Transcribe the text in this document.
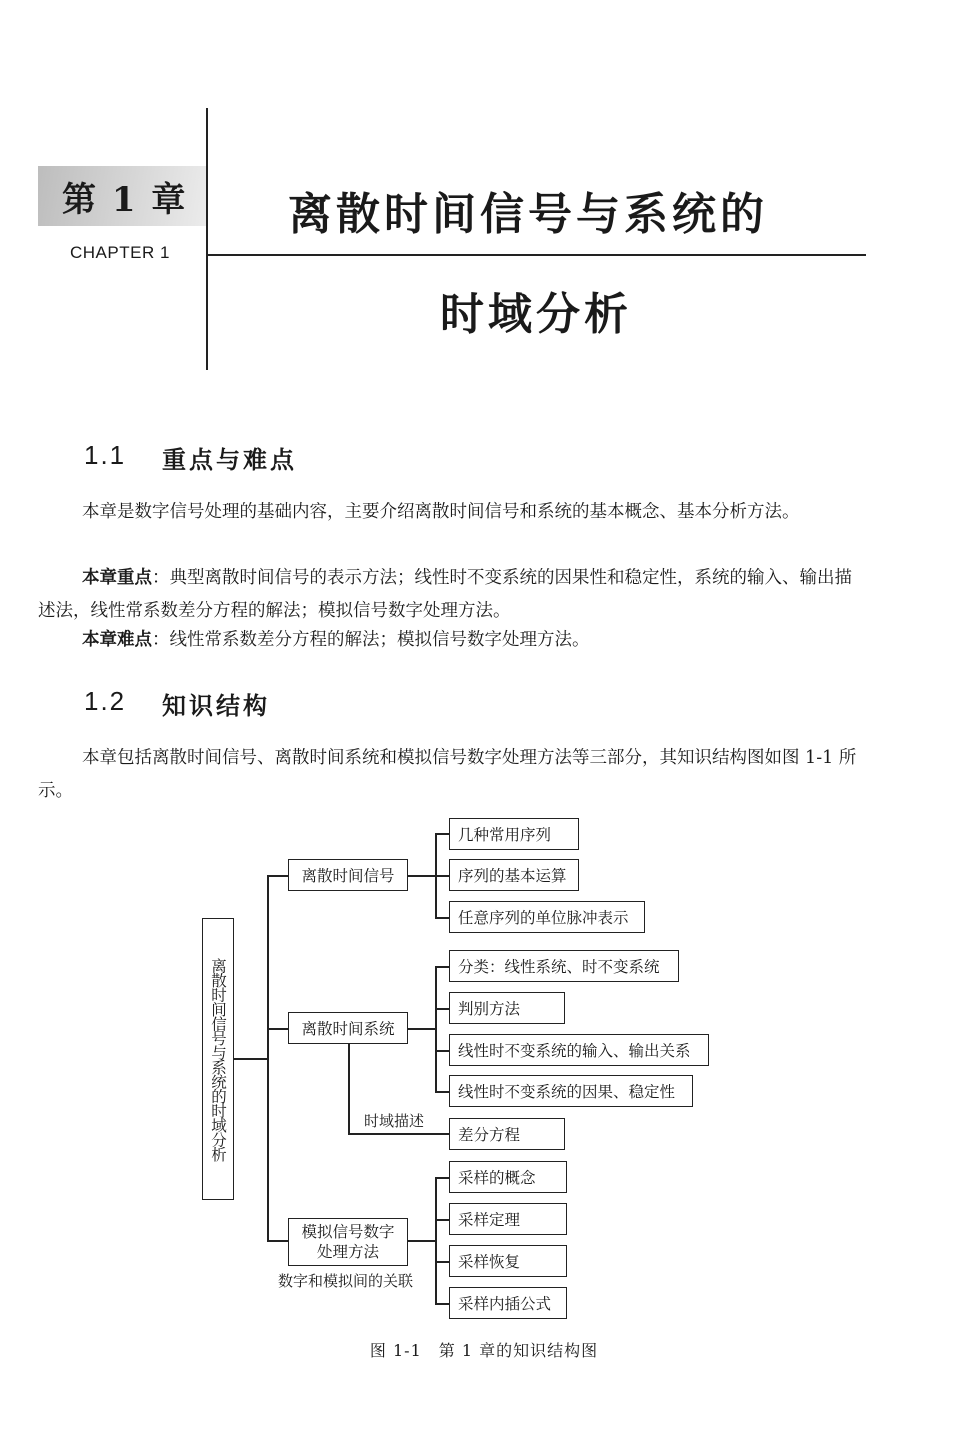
第 1 章
CHAPTER 1
离散时间信号与系统的
时域分析
1.1 重点与难点
本章是数字信号处理的基础内容，主要介绍离散时间信号和系统的基本概念、基本分析方法。
本章重点：典型离散时间信号的表示方法；线性时不变系统的因果性和稳定性，系统的输入、输出描述法，线性常系数差分方程的解法；模拟信号数字处理方法。
本章难点：线性常系数差分方程的解法；模拟信号数字处理方法。
1.2 知识结构
本章包括离散时间信号、离散时间系统和模拟信号数字处理方法等三部分，其知识结构图如图 1-1 所示。
离散时间信号与系统的时域分析
离散时间信号
几种常用序列
序列的基本运算
任意序列的单位脉冲表示
离散时间系统
分类：线性系统、时不变系统
判别方法
线性时不变系统的输入、输出关系
线性时不变系统的因果、稳定性
时域描述
差分方程
模拟信号数字
处理方法
数字和模拟间的关联
采样的概念
采样定理
采样恢复
采样内插公式
图 1-1　第 1 章的知识结构图
